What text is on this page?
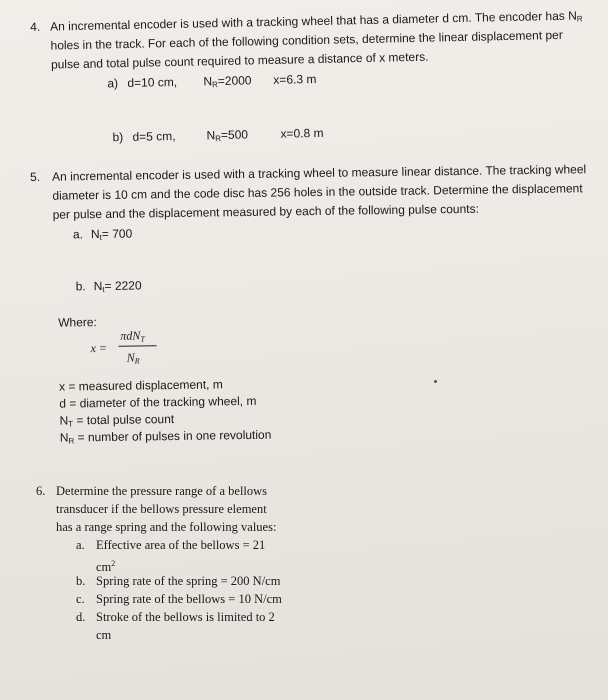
4. An incremental encoder is used with a tracking wheel that has a diameter d cm. The encoder has $N_R$
holes in the track. For each of the following condition sets, determine the linear displacement per
pulse and total pulse count required to measure a distance of x meters.
a) d=10 cm, $N_R=2000$ x=6.3 m
b) d=5 cm,	$N_R=500$	x=0.8 m
5. An incremental encoder is used with a tracking wheel to measure linear distance. The tracking wheel
diameter is 10 cm and the code disc has 256 holes in the outside track. Determine the displacement
per pulse and the displacement measured by each of the following pulse counts:
a. $N_t= 700$
b. $N_t= 2220$
Where:
x =
πdN$_T$
$N_R$
x = measured displacement, m
d = diameter of the tracking wheel, m
$N_T$ = total pulse count
$N_R$ = number of pulses in one revolution
6. Determine the pressure range of a bellows
transducer if the bellows pressure element
has a range spring and the following values:
a. Effective area of the bellows = 21
$cm^2$
b. Spring rate of the spring = 200 N/cm
c. Spring rate of the bellows = 10 N/cm
d. Stroke of the bellows is limited to 2
cm
